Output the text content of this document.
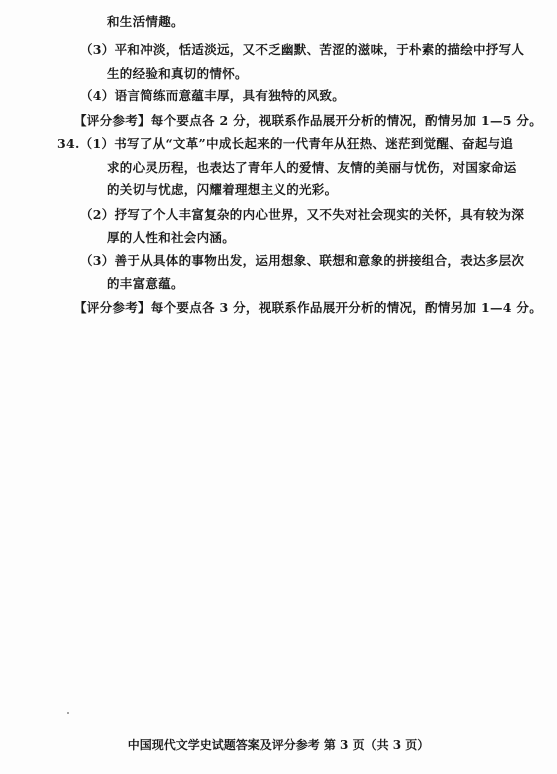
和生活情趣。
（3）平和冲淡，恬适淡远，又不乏幽默、苦涩的滋味，于朴素的描绘中抒写人
生的经验和真切的情怀。
（4）语言简练而意蕴丰厚，具有独特的风致。
【评分参考】每个要点各 2 分，视联系作品展开分析的情况，酌情另加 1—5 分。
34.（1）书写了从“文革”中成长起来的一代青年从狂热、迷茫到觉醒、奋起与追
求的心灵历程，也表达了青年人的爱情、友情的美丽与忧伤，对国家命运
的关切与忧虑，闪耀着理想主义的光彩。
（2）抒写了个人丰富复杂的内心世界，又不失对社会现实的关怀，具有较为深
厚的人性和社会内涵。
（3）善于从具体的事物出发，运用想象、联想和意象的拼接组合，表达多层次
的丰富意蕴。
【评分参考】每个要点各 3 分，视联系作品展开分析的情况，酌情另加 1—4 分。
中国现代文学史试题答案及评分参考 第 3 页（共 3 页）
